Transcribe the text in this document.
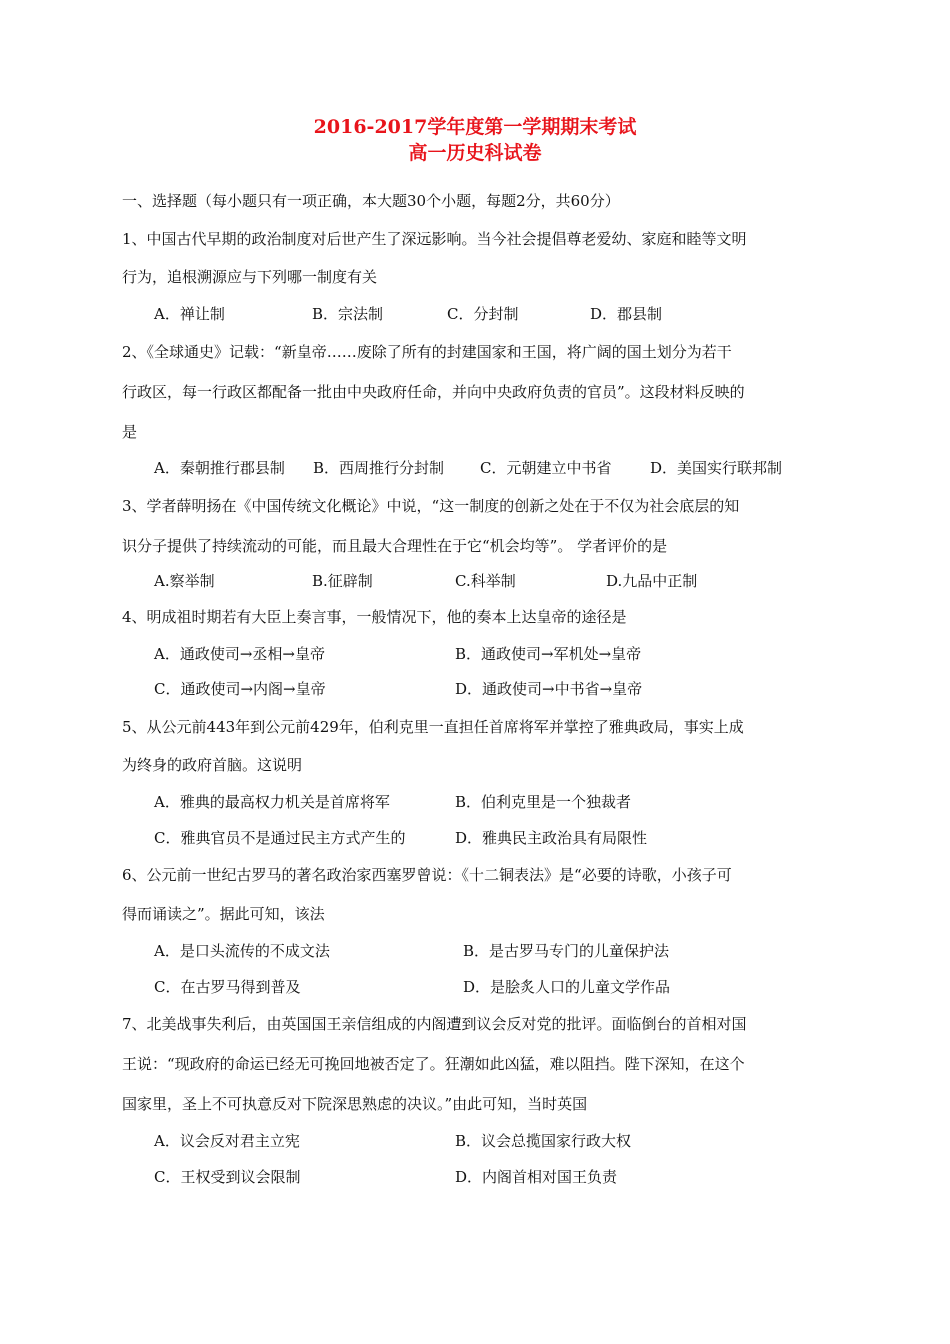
2016-2017学年度第一学期期末考试
高一历史科试卷
一、选择题（每小题只有一项正确，本大题30个小题，每题2分，共60分）
1、中国古代早期的政治制度对后世产生了深远影响。当今社会提倡尊老爱幼、家庭和睦等文明
行为，追根溯源应与下列哪一制度有关
A．禅让制	B．宗法制	C．分封制	D．郡县制
2、《全球通史》记载：“新皇帝……废除了所有的封建国家和王国，将广阔的国土划分为若干
行政区，每一行政区都配备一批由中央政府任命，并向中央政府负责的官员”。这段材料反映的
是
A．秦朝推行郡县制 B．西周推行分封制 C．元朝建立中书省	D．美国实行联邦制
3、学者薛明扬在《中国传统文化概论》中说，“这一制度的创新之处在于不仅为社会底层的知
识分子提供了持续流动的可能，而且最大合理性在于它“机会均等”。 学者评价的是
A.察举制	B.征辟制	C.科举制	D.九品中正制
4、明成祖时期若有大臣上奏言事，一般情况下，他的奏本上达皇帝的途径是
A．通政使司→丞相→皇帝	B．通政使司→军机处→皇帝
C．通政使司→内阁→皇帝	D．通政使司→中书省→皇帝
5、从公元前443年到公元前429年，伯利克里一直担任首席将军并掌控了雅典政局，事实上成
为终身的政府首脑。这说明
A．雅典的最高权力机关是首席将军	B．伯利克里是一个独裁者
C．雅典官员不是通过民主方式产生的	D．雅典民主政治具有局限性
6、公元前一世纪古罗马的著名政治家西塞罗曾说：《十二铜表法》是“必要的诗歌，小孩子可
得而诵读之”。据此可知，该法
A．是口头流传的不成文法	B．是古罗马专门的儿童保护法
C．在古罗马得到普及	D．是脍炙人口的儿童文学作品
7、北美战事失利后，由英国国王亲信组成的内阁遭到议会反对党的批评。面临倒台的首相对国
王说：“现政府的命运已经无可挽回地被否定了。狂潮如此凶猛，难以阻挡。陛下深知，在这个
国家里，圣上不可执意反对下院深思熟虑的决议。”由此可知，当时英国
A．议会反对君主立宪	B．议会总揽国家行政大权
C．王权受到议会限制	D．内阁首相对国王负责
